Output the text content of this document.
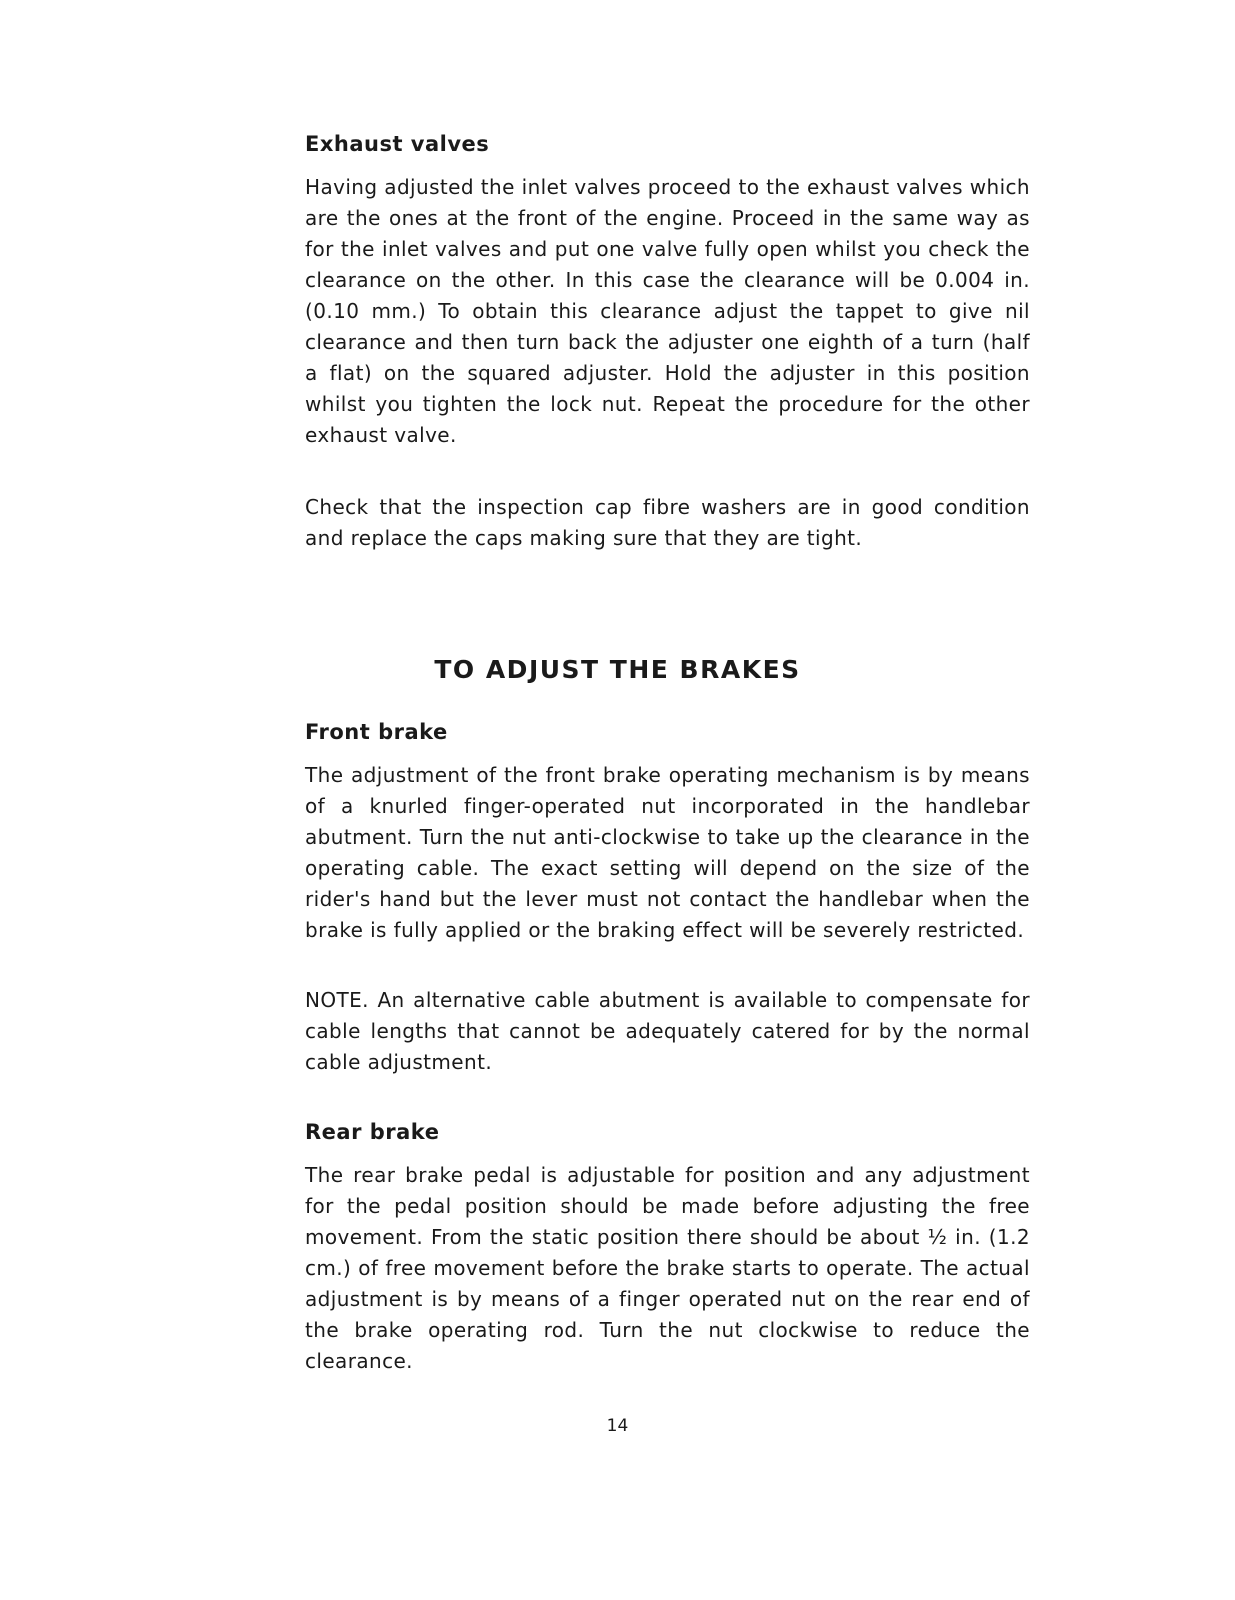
Exhaust valves

Having adjusted the inlet valves proceed to the exhaust valves which are the ones at the front of the engine. Proceed in the same way as for the inlet valves and put one valve fully open whilst you check the clearance on the other. In this case the clearance will be 0.004 in. (0.10 mm.) To obtain this clearance adjust the tappet to give nil clearance and then turn back the adjuster one eighth of a turn (half a flat) on the squared adjuster. Hold the adjuster in this position whilst you tighten the lock nut. Repeat the procedure for the other exhaust valve.

Check that the inspection cap fibre washers are in good condition and replace the caps making sure that they are tight.

TO ADJUST THE BRAKES
Front brake

The adjustment of the front brake operating mechanism is by means of a knurled finger-operated nut incorporated in the handlebar abutment. Turn the nut anti-clockwise to take up the clearance in the operating cable. The exact setting will depend on the size of the rider's hand but the lever must not contact the handlebar when the brake is fully applied or the braking effect will be severely restricted.

NOTE. An alternative cable abutment is available to compensate for cable lengths that cannot be adequately catered for by the normal cable adjustment.

Rear brake

The rear brake pedal is adjustable for position and any adjustment for the pedal position should be made before adjusting the free movement. From the static position there should be about ½ in. (1.2 cm.) of free movement before the brake starts to operate. The actual adjustment is by means of a finger operated nut on the rear end of the brake operating rod. Turn the nut clockwise to reduce the clearance.

14
